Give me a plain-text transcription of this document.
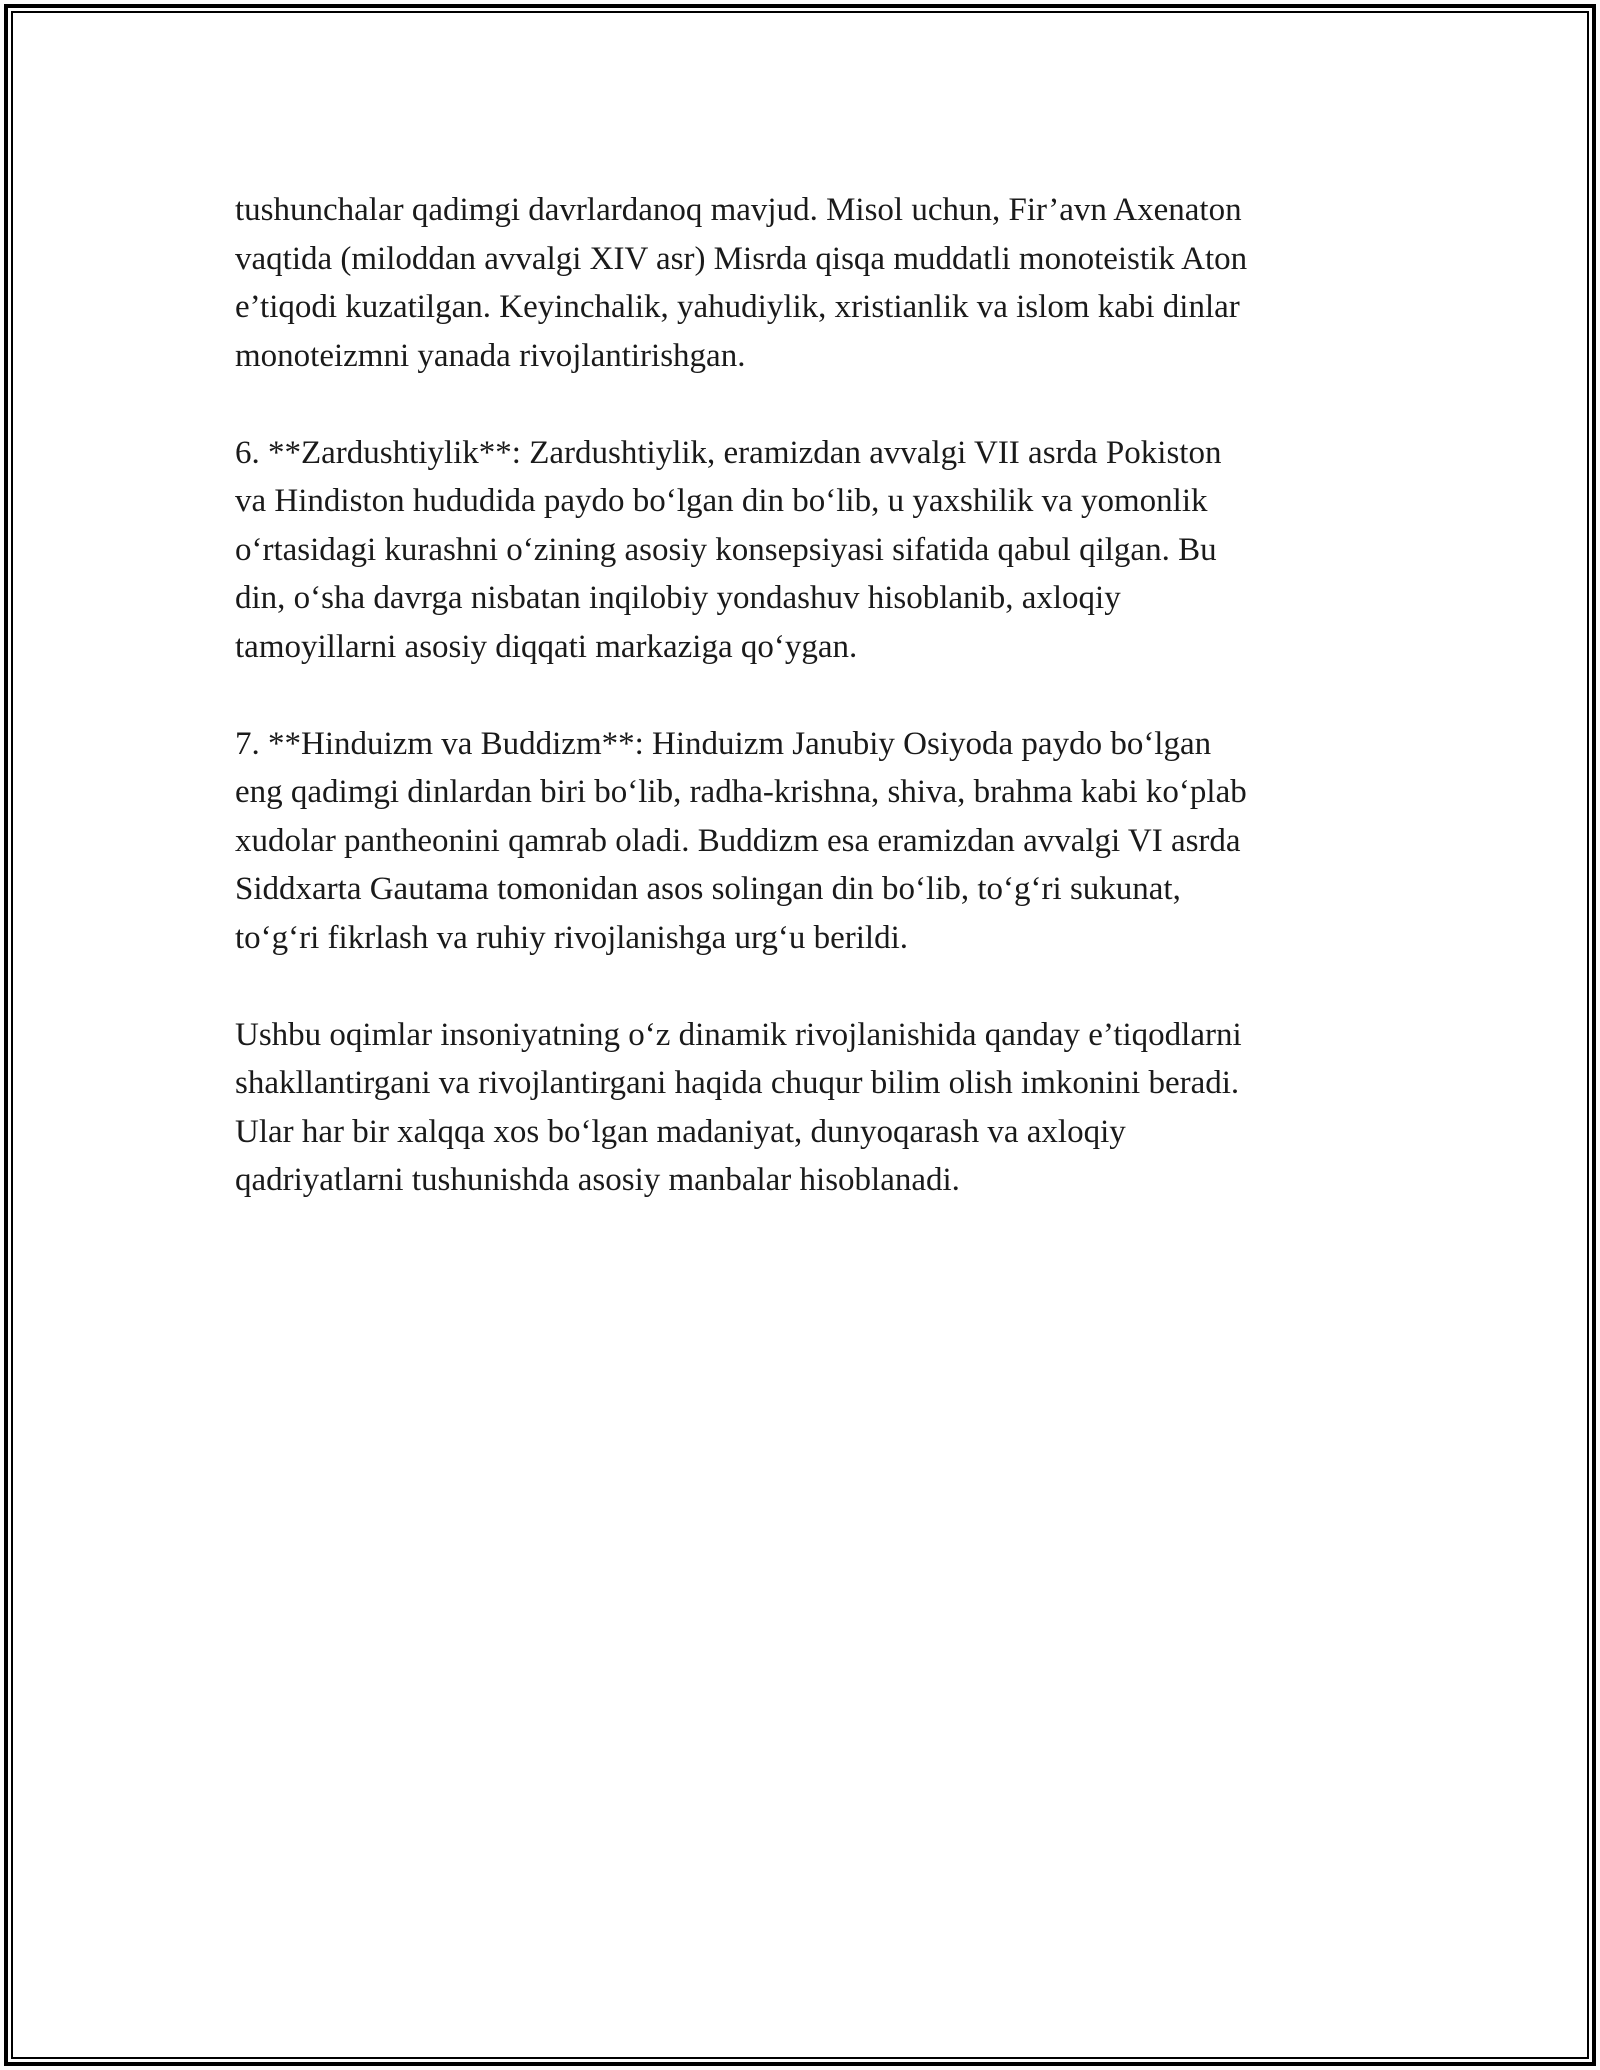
tushunchalar qadimgi davrlardanoq mavjud. Misol uchun, Fir’avn Axenaton
vaqtida (miloddan avvalgi XIV asr) Misrda qisqa muddatli monoteistik Aton
e’tiqodi kuzatilgan. Keyinchalik, yahudiylik, xristianlik va islom kabi dinlar
monoteizmni yanada rivojlantirishgan.

6. **Zardushtiylik**: Zardushtiylik, eramizdan avvalgi VII asrda Pokiston
va Hindiston hududida paydo bo‘lgan din bo‘lib, u yaxshilik va yomonlik
o‘rtasidagi kurashni o‘zining asosiy konsepsiyasi sifatida qabul qilgan. Bu
din, o‘sha davrga nisbatan inqilobiy yondashuv hisoblanib, axloqiy
tamoyillarni asosiy diqqati markaziga qo‘ygan.

7. **Hinduizm va Buddizm**: Hinduizm Janubiy Osiyoda paydo bo‘lgan
eng qadimgi dinlardan biri bo‘lib, radha-krishna, shiva, brahma kabi ko‘plab
xudolar pantheonini qamrab oladi. Buddizm esa eramizdan avvalgi VI asrda
Siddxarta Gautama tomonidan asos solingan din bo‘lib, to‘g‘ri sukunat,
to‘g‘ri fikrlash va ruhiy rivojlanishga urg‘u berildi.

Ushbu oqimlar insoniyatning o‘z dinamik rivojlanishida qanday e’tiqodlarni
shakllantirgani va rivojlantirgani haqida chuqur bilim olish imkonini beradi.
Ular har bir xalqqa xos bo‘lgan madaniyat, dunyoqarash va axloqiy
qadriyatlarni tushunishda asosiy manbalar hisoblanadi.
